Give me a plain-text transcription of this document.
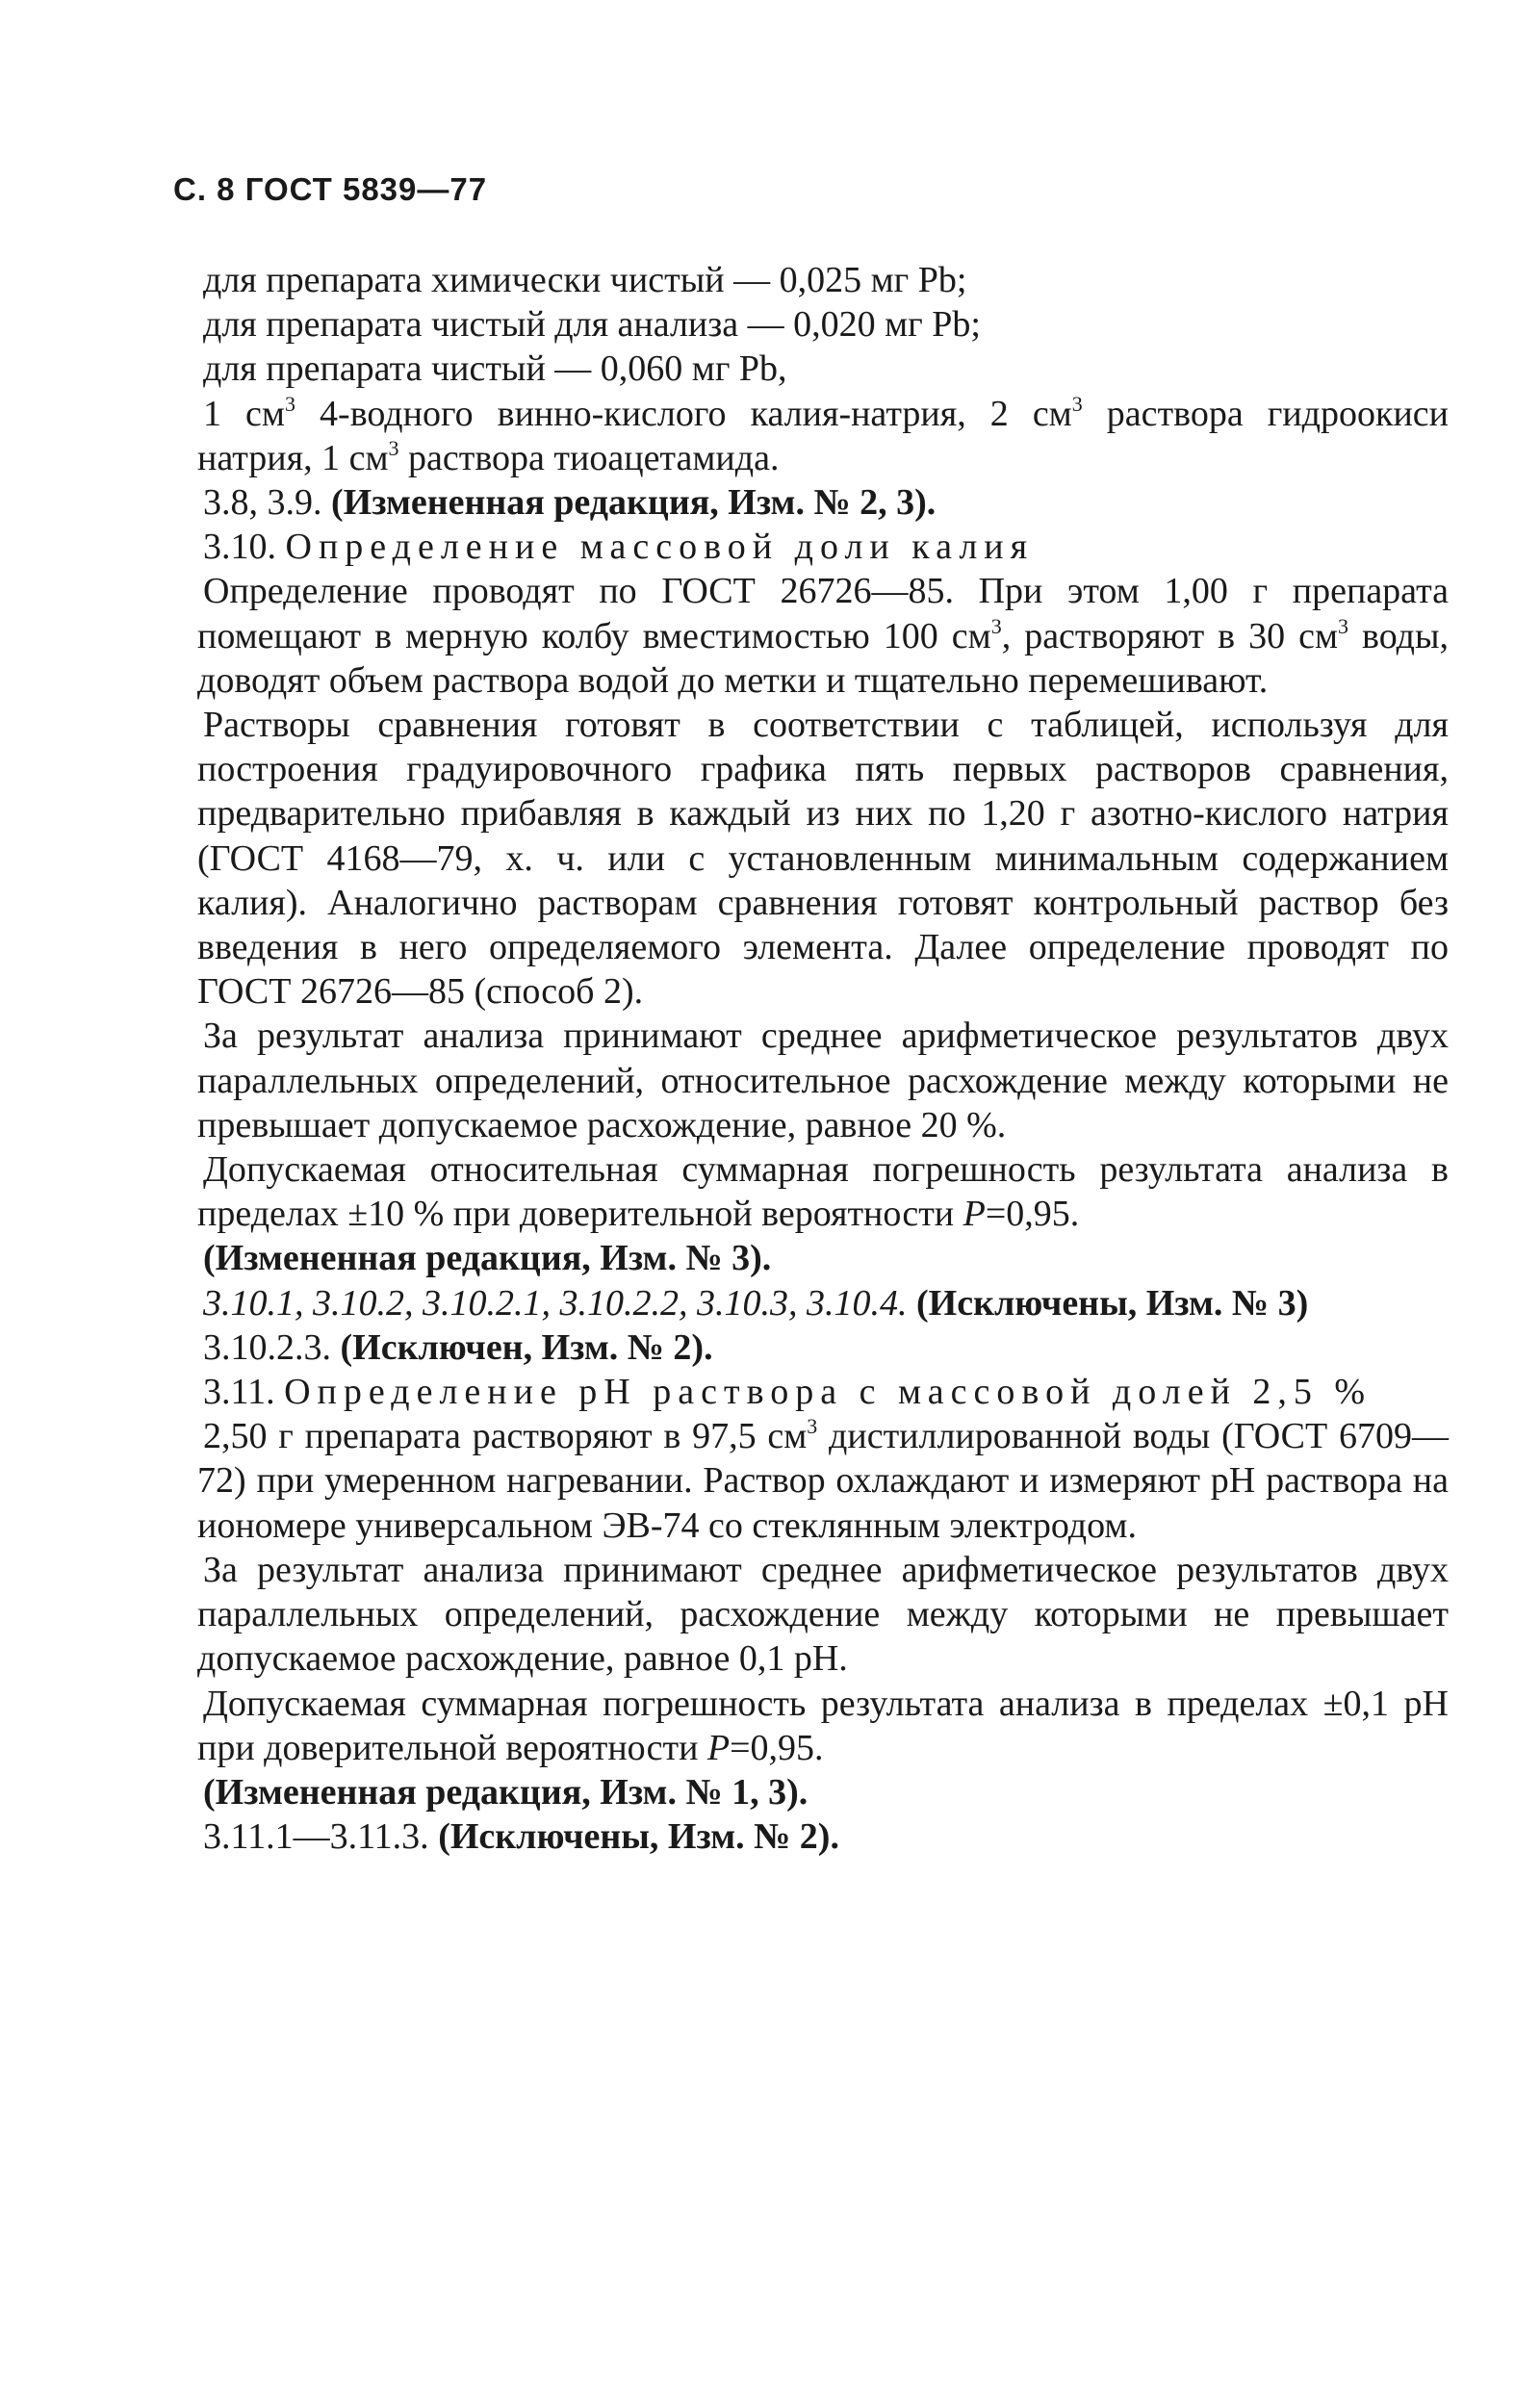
С. 8 ГОСТ 5839—77

для препарата химически чистый — 0,025 мг Pb;

для препарата чистый для анализа — 0,020 мг Pb;

для препарата чистый — 0,060 мг Pb,

1 $см^3$ 4-водного винно-кислого калия-натрия, 2 $см^3$ раствора гидроокиси натрия, 1 $см^3$ раствора тиоацетамида.

3.8, 3.9. (Измененная редакция, Изм. № 2, 3).

3.10. Определение массовой доли калия

Определение проводят по ГОСТ 26726—85. При этом 1,00 г препарата помещают в мерную колбу вместимостью 100 $см^3$, растворяют в 30 $см^3$ воды, доводят объем раствора водой до метки и тщательно перемешивают.

Растворы сравнения готовят в соответствии с таблицей, используя для построения градуировочного графика пять первых растворов сравнения, предварительно прибавляя в каждый из них по 1,20 г азотно-кислого натрия (ГОСТ 4168—79, х. ч. или с установленным минимальным содержанием калия). Аналогично растворам сравнения готовят контрольный раствор без введения в него определяемого элемента. Далее определение проводят по ГОСТ 26726—85 (способ 2).

За результат анализа принимают среднее арифметическое результатов двух параллельных определений, относительное расхождение между которыми не превышает допускаемое расхождение, равное 20 %.

Допускаемая относительная суммарная погрешность результата анализа в пределах ±10 % при доверительной вероятности P=0,95.

(Измененная редакция, Изм. № 3).

3.10.1, 3.10.2, 3.10.2.1, 3.10.2.2, 3.10.3, 3.10.4. (Исключены, Изм. № 3)

3.10.2.3. (Исключен, Изм. № 2).

3.11. Определение pH раствора с массовой долей 2,5 %

2,50 г препарата растворяют в 97,5 $см^3$ дистиллированной воды (ГОСТ 6709—72) при умеренном нагревании. Раствор охлаждают и измеряют pH раствора на иономере универсальном ЭВ-74 со стеклянным электродом.

За результат анализа принимают среднее арифметическое результатов двух параллельных определений, расхождение между которыми не превышает допускаемое расхождение, равное 0,1 pH.

Допускаемая суммарная погрешность результата анализа в пределах ±0,1 pH при доверительной вероятности P=0,95.

(Измененная редакция, Изм. № 1, 3).

3.11.1—3.11.3. (Исключены, Изм. № 2).
